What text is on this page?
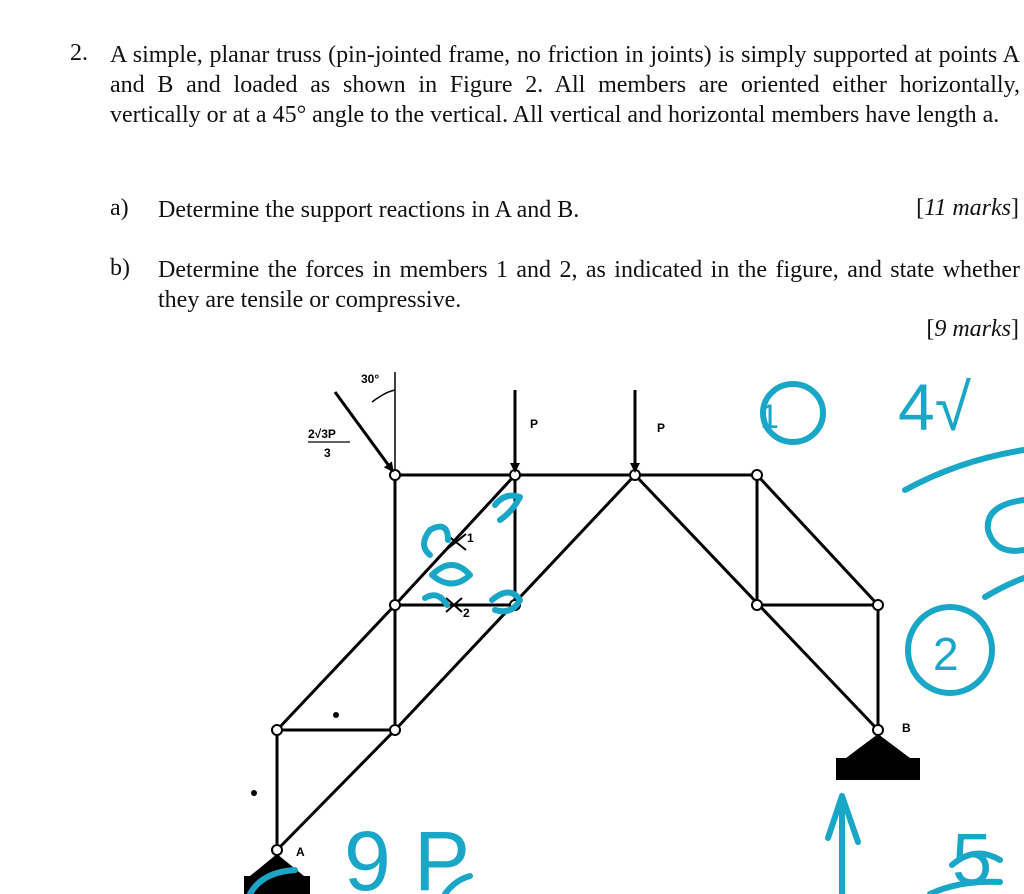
2. A simple, planar truss (pin-jointed frame, no friction in joints) is simply supported at points A and B and loaded as shown in Figure 2. All members are oriented either horizontally, vertically or at a 45° angle to the vertical. All vertical and horizontal members have length a.
a) Determine the support reactions in A and B.	[11 marks]
b) Determine the forces in members 1 and 2, as indicated in the figure, and state whether they are tensile or compressive.
[9 marks]
30°
2√3P
3
P	P
1
2
B
A
1
2
4√
9 P	5
